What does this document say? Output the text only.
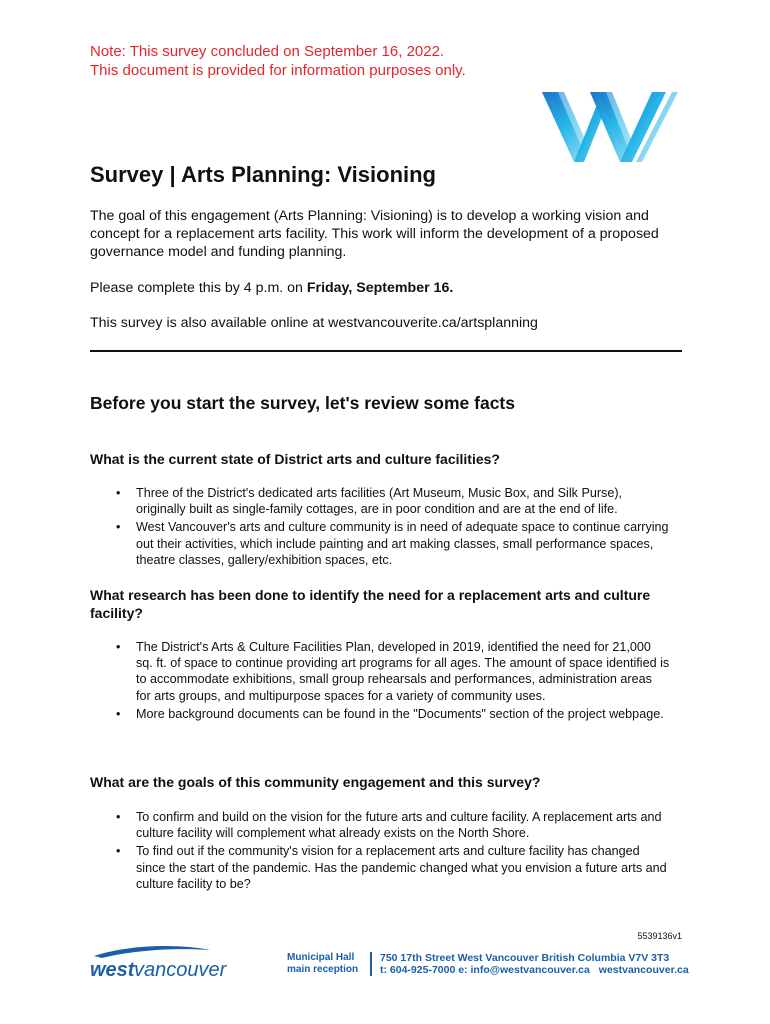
Note: This survey concluded on September 16, 2022.
This document is provided for information purposes only.
Survey | Arts Planning: Visioning

The goal of this engagement (Arts Planning: Visioning) is to develop a working vision and concept for a replacement arts facility. This work will inform the development of a proposed governance model and funding planning.

Please complete this by 4 p.m. on Friday, September 16.

This survey is also available online at westvancouverite.ca/artsplanning

Before you start the survey, let's review some facts
What is the current state of District arts and culture facilities?
• Three of the District's dedicated arts facilities (Art Museum, Music Box, and Silk Purse), originally built as single-family cottages, are in poor condition and are at the end of life.
• West Vancouver's arts and culture community is in need of adequate space to continue carrying out their activities, which include painting and art making classes, small performance spaces, theatre classes, gallery/exhibition spaces, etc.
What research has been done to identify the need for a replacement arts and culture facility?
• The District's Arts & Culture Facilities Plan, developed in 2019, identified the need for 21,000 sq. ft. of space to continue providing art programs for all ages. The amount of space identified is to accommodate exhibitions, small group rehearsals and performances, administration areas for arts groups, and multipurpose spaces for a variety of community uses.
• More background documents can be found in the "Documents" section of the project webpage.
What are the goals of this community engagement and this survey?
• To confirm and build on the vision for the future arts and culture facility. A replacement arts and culture facility will complement what already exists on the North Shore.
• To find out if the community's vision for a replacement arts and culture facility has changed since the start of the pandemic. Has the pandemic changed what you envision a future arts and culture facility to be?
5539136v1
west vancouver
Municipal Hall
main reception
750 17th Street West Vancouver British Columbia V7V 3T3
t: 604-925-7000 e: info@westvancouver.ca westvancouver.ca
